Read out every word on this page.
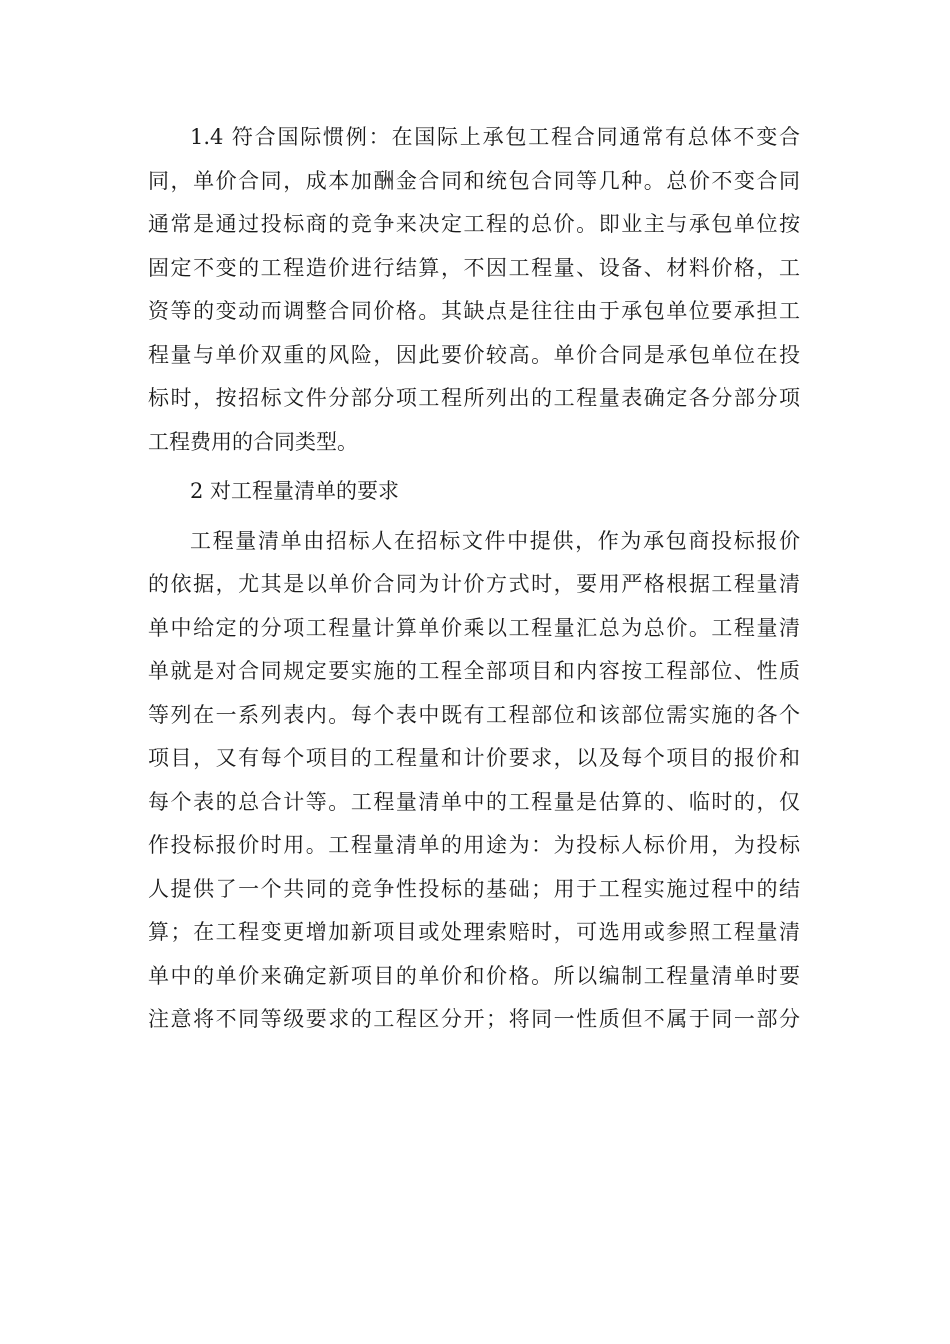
1.4 符合国际惯例：在国际上承包工程合同通常有总体不变合
同，单价合同，成本加酬金合同和统包合同等几种。总价不变合同
通常是通过投标商的竞争来决定工程的总价。即业主与承包单位按
固定不变的工程造价进行结算，不因工程量、设备、材料价格，工
资等的变动而调整合同价格。其缺点是往往由于承包单位要承担工
程量与单价双重的风险，因此要价较高。单价合同是承包单位在投
标时，按招标文件分部分项工程所列出的工程量表确定各分部分项
工程费用的合同类型。
2 对工程量清单的要求
工程量清单由招标人在招标文件中提供，作为承包商投标报价
的依据，尤其是以单价合同为计价方式时，要用严格根据工程量清
单中给定的分项工程量计算单价乘以工程量汇总为总价。工程量清
单就是对合同规定要实施的工程全部项目和内容按工程部位、性质
等列在一系列表内。每个表中既有工程部位和该部位需实施的各个
项目，又有每个项目的工程量和计价要求，以及每个项目的报价和
每个表的总合计等。工程量清单中的工程量是估算的、临时的，仅
作投标报价时用。工程量清单的用途为：为投标人标价用，为投标
人提供了一个共同的竞争性投标的基础；用于工程实施过程中的结
算；在工程变更增加新项目或处理索赔时，可选用或参照工程量清
单中的单价来确定新项目的单价和价格。所以编制工程量清单时要
注意将不同等级要求的工程区分开；将同一性质但不属于同一部分
